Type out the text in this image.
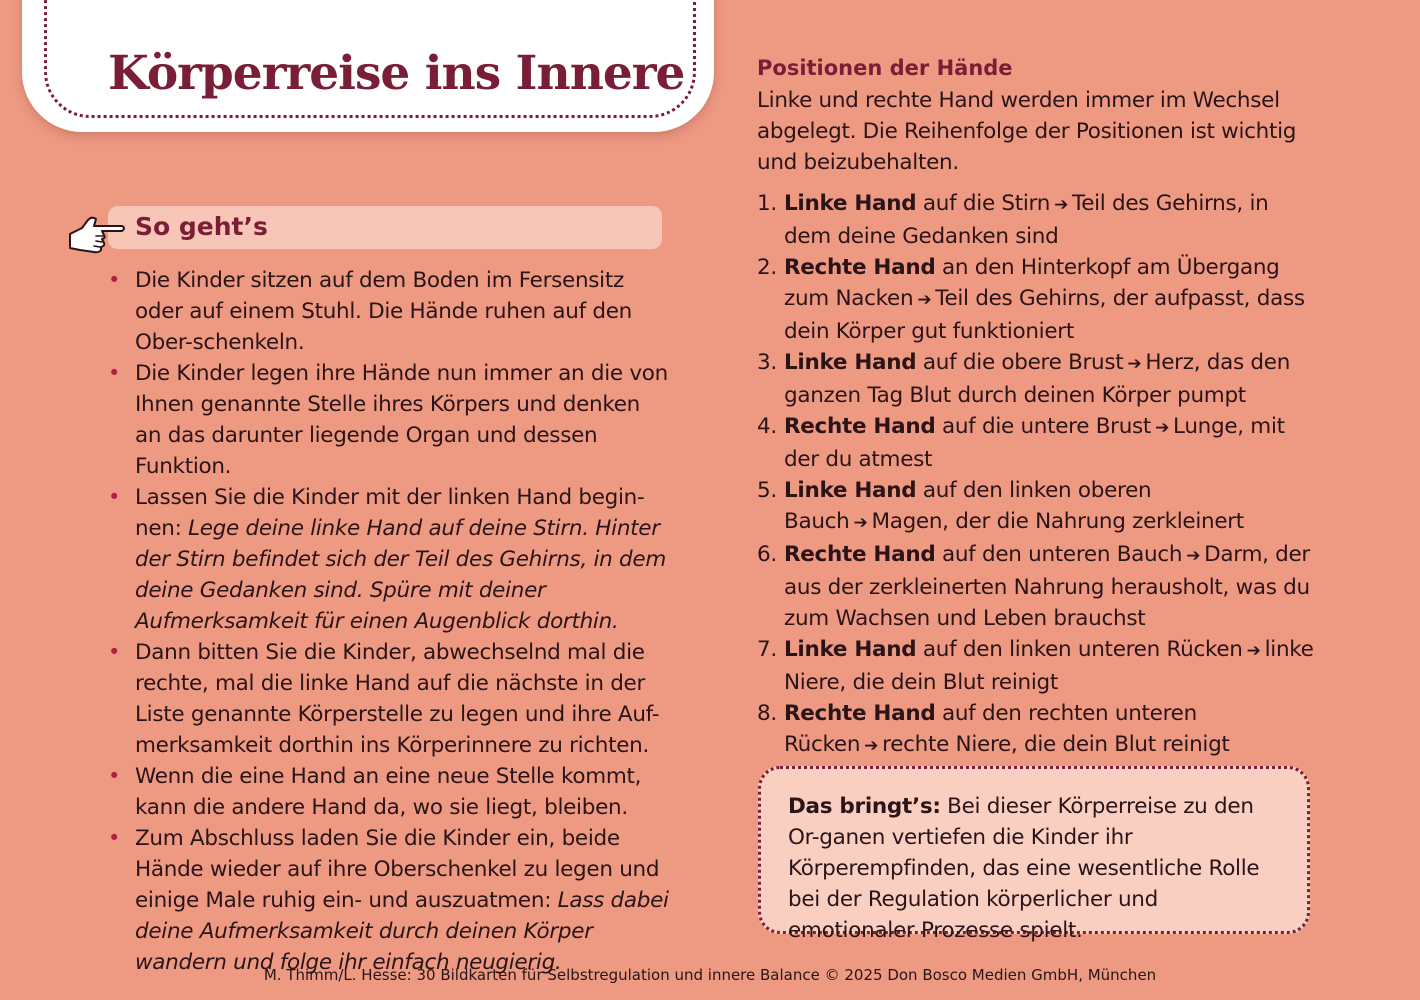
Körperreise ins Innere
So geht’s
• Die Kinder sitzen auf dem Boden im Fersensitz oder auf einem Stuhl. Die Hände ruhen auf den Ober-schenkeln.
• Die Kinder legen ihre Hände nun immer an die von Ihnen genannte Stelle ihres Körpers und denken an das darunter liegende Organ und dessen Funktion.
• Lassen Sie die Kinder mit der linken Hand begin-nen: Lege deine linke Hand auf deine Stirn. Hinter der Stirn befindet sich der Teil des Gehirns, in dem deine Gedanken sind. Spüre mit deiner Aufmerksamkeit für einen Augenblick dorthin.
• Dann bitten Sie die Kinder, abwechselnd mal die rechte, mal die linke Hand auf die nächste in der Liste genannte Körperstelle zu legen und ihre Auf-merksamkeit dorthin ins Körperinnere zu richten.
• Wenn die eine Hand an eine neue Stelle kommt, kann die andere Hand da, wo sie liegt, bleiben.
• Zum Abschluss laden Sie die Kinder ein, beide Hände wieder auf ihre Oberschenkel zu legen und einige Male ruhig ein- und auszuatmen: Lass dabei deine Aufmerksamkeit durch deinen Körper wandern und folge ihr einfach neugierig.
Positionen der Hände

Linke und rechte Hand werden immer im Wechsel abgelegt. Die Reihenfolge der Positionen ist wichtig und beizubehalten.

1. Linke Hand auf die Stirn ➔ Teil des Gehirns, in dem deine Gedanken sind
2. Rechte Hand an den Hinterkopf am Übergang zum Nacken ➔ Teil des Gehirns, der aufpasst, dass dein Körper gut funktioniert
3. Linke Hand auf die obere Brust ➔ Herz, das den ganzen Tag Blut durch deinen Körper pumpt
4. Rechte Hand auf die untere Brust ➔ Lunge, mit der du atmest
5. Linke Hand auf den linken oberen Bauch ➔ Magen, der die Nahrung zerkleinert
6. Rechte Hand auf den unteren Bauch ➔ Darm, der aus der zerkleinerten Nahrung herausholt, was du zum Wachsen und Leben brauchst
7. Linke Hand auf den linken unteren Rücken ➔ linke Niere, die dein Blut reinigt
8. Rechte Hand auf den rechten unteren Rücken ➔ rechte Niere, die dein Blut reinigt

Das bringt’s: Bei dieser Körperreise zu den Or-ganen vertiefen die Kinder ihr Körperempfinden, das eine wesentliche Rolle bei der Regulation körperlicher und emotionaler Prozesse spielt.

M. Thimm/L. Hesse: 30 Bildkarten für Selbstregulation und innere Balance © 2025 Don Bosco Medien GmbH, München
